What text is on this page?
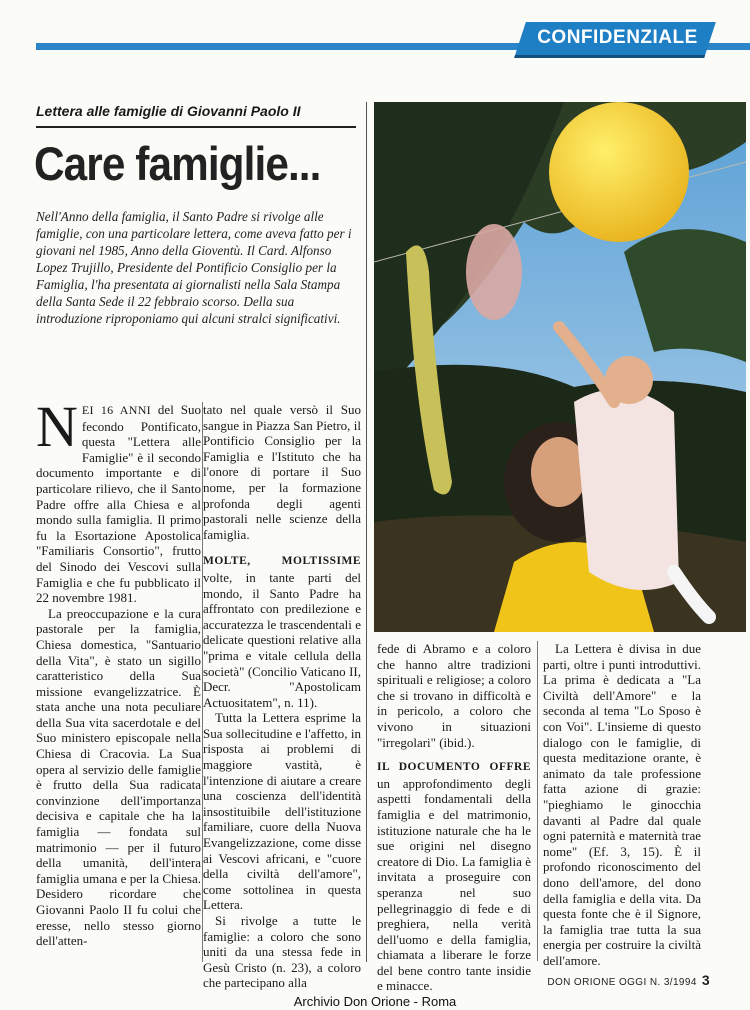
CONFIDENZIALE
Lettera alle famiglie di Giovanni Paolo II
Care famiglie...
Nell'Anno della famiglia, il Santo Padre si rivolge alle famiglie, con una particolare lettera, come aveva fatto per i giovani nel 1985, Anno della Gioventù. Il Card. Alfonso Lopez Trujillo, Presidente del Pontificio Consiglio per la Famiglia, l'ha presentata ai giornalisti nella Sala Stampa della Santa Sede il 22 febbraio scorso. Della sua introduzione riproponiamo qui alcuni stralci significativi.

NEI 16 ANNI del Suo fecondo Pontificato, questa "Lettera alle Famiglie" è il secondo documento importante e di particolare rilievo, che il Santo Padre offre alla Chiesa e al mondo sulla famiglia. Il primo fu la Esortazione Apostolica "Familiaris Consortio", frutto del Sinodo dei Vescovi sulla Famiglia e che fu pubblicato il 22 novembre 1981.

La preoccupazione e la cura pastorale per la famiglia, Chiesa domestica, "Santuario della Vita", è stato un sigillo caratteristico della Sua missione evangelizzatrice. È stata anche una nota peculiare della Sua vita sacerdotale e del Suo ministero episcopale nella Chiesa di Cracovia. La Sua opera al servizio delle famiglie è frutto della Sua radicata convinzione dell'importanza decisiva e capitale che ha la famiglia — fondata sul matrimonio — per il futuro della umanità, dell'intera famiglia umana e per la Chiesa. Desidero ricordare che Giovanni Paolo II fu colui che eresse, nello stesso giorno dell'atten-

tato nel quale versò il Suo sangue in Piazza San Pietro, il Pontificio Consiglio per la Famiglia e l'Istituto che ha l'onore di portare il Suo nome, per la formazione profonda degli agenti pastorali nelle scienze della famiglia.

MOLTE, MOLTISSIME volte, in tante parti del mondo, il Santo Padre ha affrontato con predilezione e accuratezza le trascendentali e delicate questioni relative alla "prima e vitale cellula della società" (Concilio Vaticano II, Decr. "Apostolicam Actuositatem", n. 11).

Tutta la Lettera esprime la Sua sollecitudine e l'affetto, in risposta ai problemi di maggiore vastità, è l'intenzione di aiutare a creare una coscienza dell'identità insostituibile dell'istituzione familiare, cuore della Nuova Evangelizzazione, come disse ai Vescovi africani, e "cuore della civiltà dell'amore", come sottolinea in questa Lettera.

Si rivolge a tutte le famiglie: a coloro che sono uniti da una stessa fede in Gesù Cristo (n. 23), a coloro che partecipano alla

fede di Abramo e a coloro che hanno altre tradizioni spirituali e religiose; a coloro che si trovano in difficoltà e in pericolo, a coloro che vivono in situazioni "irregolari" (ibid.).

IL DOCUMENTO OFFRE un approfondimento degli aspetti fondamentali della famiglia e del matrimonio, istituzione naturale che ha le sue origini nel disegno creatore di Dio. La famiglia è invitata a proseguire con speranza nel suo pellegrinaggio di fede e di preghiera, nella verità dell'uomo e della famiglia, chiamata a liberare le forze del bene contro tante insidie e minacce.

La Lettera è divisa in due parti, oltre i punti introduttivi. La prima è dedicata a "La Civiltà dell'Amore" e la seconda al tema "Lo Sposo è con Voi". L'insieme di questo dialogo con le famiglie, di questa meditazione orante, è animato da tale professione fatta azione di grazie: "pieghiamo le ginocchia davanti al Padre dal quale ogni paternità e maternità trae nome" (Ef. 3, 15). È il profondo riconoscimento del dono dell'amore, del dono della famiglia e della vita. Da questa fonte che è il Signore, la famiglia trae tutta la sua energia per costruire la civiltà dell'amore.

DON ORIONE OGGI N. 3/1994 3
Archivio Don Orione - Roma
